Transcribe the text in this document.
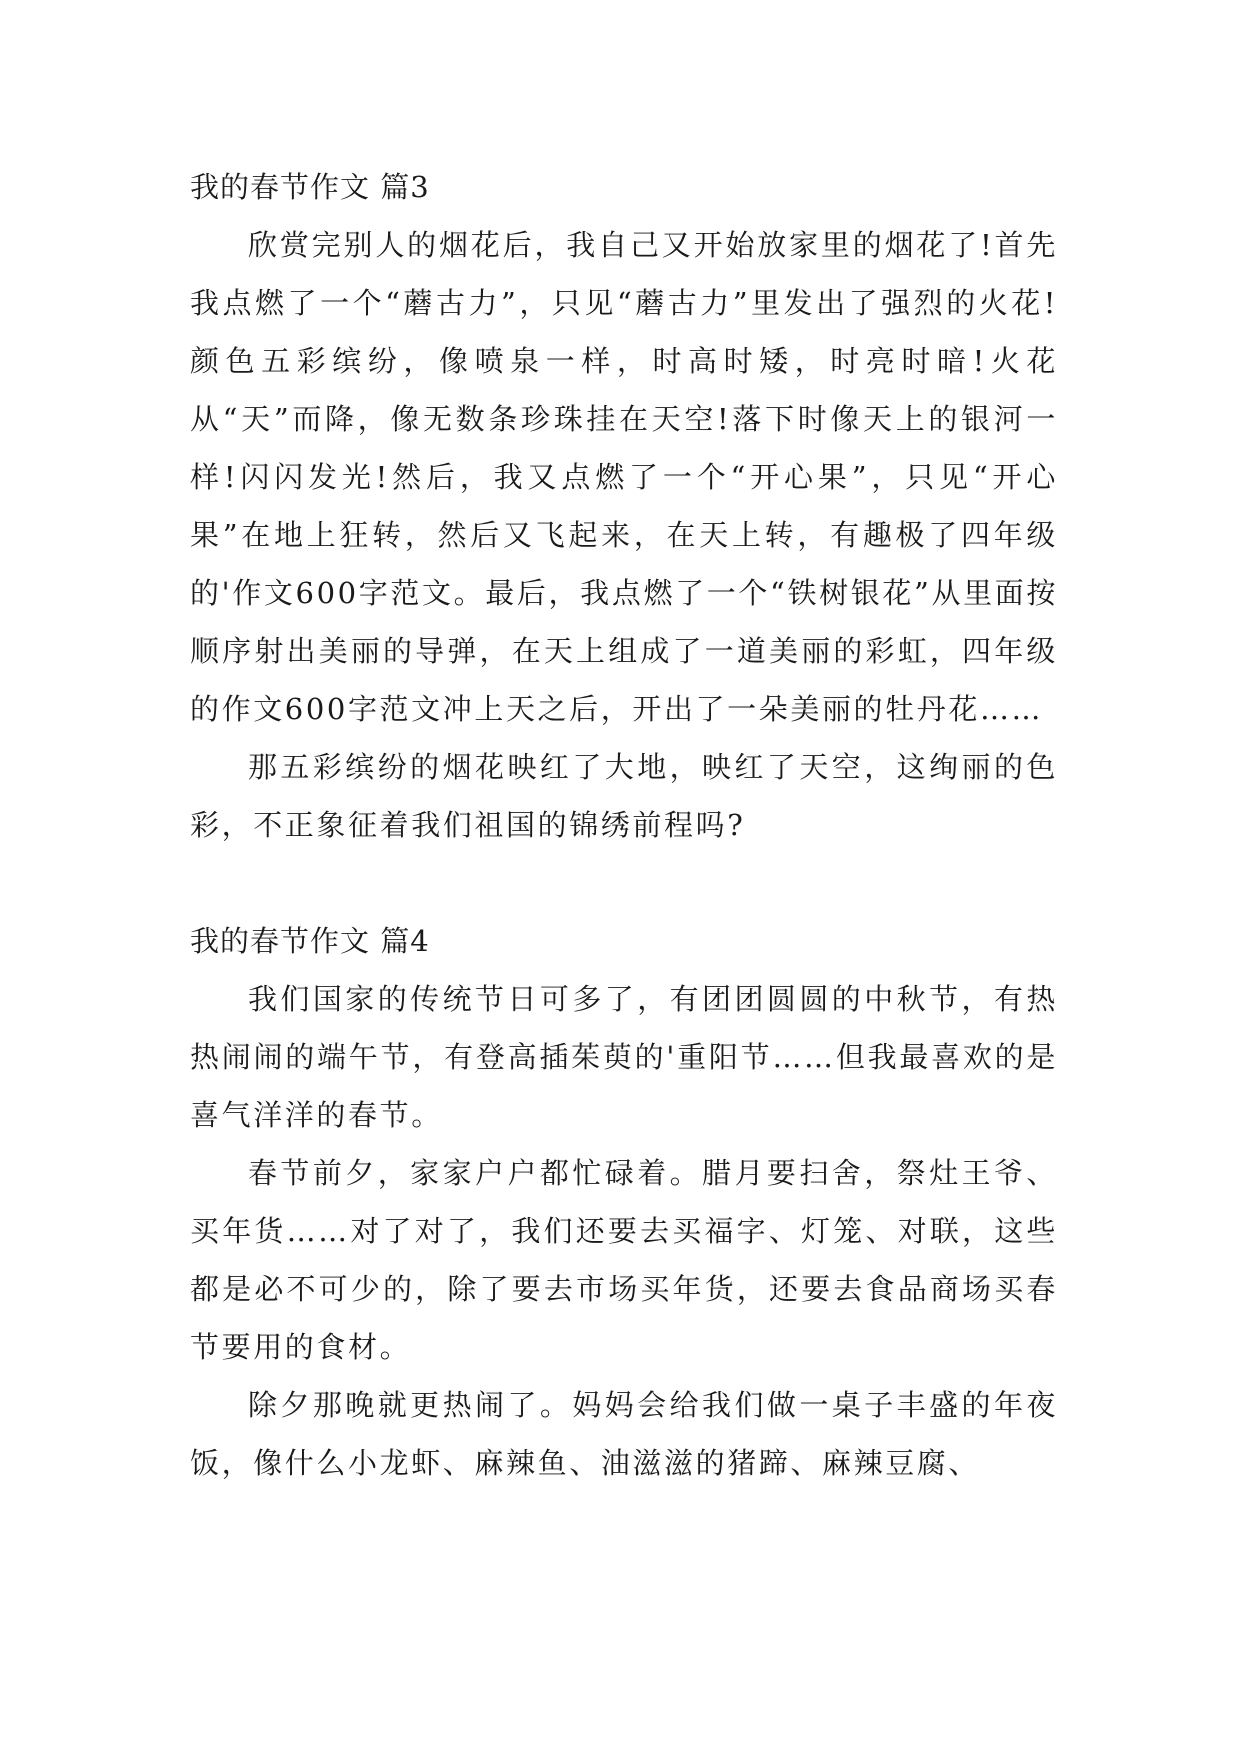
我的春节作文 篇3

欣赏完别人的烟花后，我自己又开始放家里的烟花了!首先我点燃了一个“蘑古力”，只见“蘑古力”里发出了强烈的火花!颜色五彩缤纷，像喷泉一样，时高时矮，时亮时暗!火花从“天”而降，像无数条珍珠挂在天空!落下时像天上的银河一样!闪闪发光!然后，我又点燃了一个“开心果”，只见“开心果”在地上狂转，然后又飞起来，在天上转，有趣极了四年级的'作文600字范文。最后，我点燃了一个“铁树银花”从里面按顺序射出美丽的导弹，在天上组成了一道美丽的彩虹，四年级的作文600字范文冲上天之后，开出了一朵美丽的牡丹花……

那五彩缤纷的烟花映红了大地，映红了天空，这绚丽的色彩，不正象征着我们祖国的锦绣前程吗?

我的春节作文 篇4

我们国家的传统节日可多了，有团团圆圆的中秋节，有热热闹闹的端午节，有登高插茱萸的'重阳节……但我最喜欢的是喜气洋洋的春节。

春节前夕，家家户户都忙碌着。腊月要扫舍，祭灶王爷、买年货……对了对了，我们还要去买福字、灯笼、对联，这些都是必不可少的，除了要去市场买年货，还要去食品商场买春节要用的食材。

除夕那晚就更热闹了。妈妈会给我们做一桌子丰盛的年夜饭，像什么小龙虾、麻辣鱼、油滋滋的猪蹄、麻辣豆腐、
